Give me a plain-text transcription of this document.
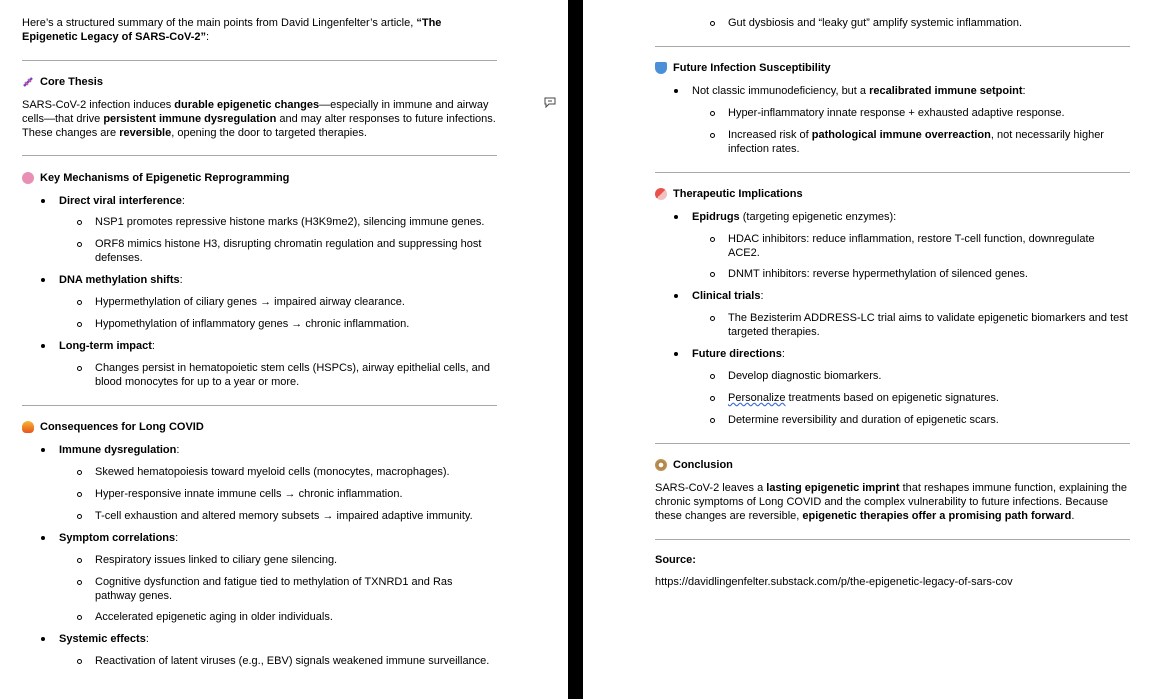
Here’s a structured summary of the main points from David Lingenfelter’s article, “The Epigenetic Legacy of SARS-CoV-2”:
Core Thesis
SARS-CoV-2 infection induces durable epigenetic changes—especially in immune and airway cells—that drive persistent immune dysregulation and may alter responses to future infections. These changes are reversible, opening the door to targeted therapies.
Key Mechanisms of Epigenetic Reprogramming
Direct viral interference:
NSP1 promotes repressive histone marks (H3K9me2), silencing immune genes.
ORF8 mimics histone H3, disrupting chromatin regulation and suppressing host defenses.
DNA methylation shifts:
Hypermethylation of ciliary genes → impaired airway clearance.
Hypomethylation of inflammatory genes → chronic inflammation.
Long-term impact:
Changes persist in hematopoietic stem cells (HSPCs), airway epithelial cells, and blood monocytes for up to a year or more.
Consequences for Long COVID
Immune dysregulation:
Skewed hematopoiesis toward myeloid cells (monocytes, macrophages).
Hyper-responsive innate immune cells → chronic inflammation.
T-cell exhaustion and altered memory subsets → impaired adaptive immunity.
Symptom correlations:
Respiratory issues linked to ciliary gene silencing.
Cognitive dysfunction and fatigue tied to methylation of TXNRD1 and Ras pathway genes.
Accelerated epigenetic aging in older individuals.
Systemic effects:
Reactivation of latent viruses (e.g., EBV) signals weakened immune surveillance.
Gut dysbiosis and “leaky gut” amplify systemic inflammation.
Future Infection Susceptibility
Not classic immunodeficiency, but a recalibrated immune setpoint:
Hyper-inflammatory innate response + exhausted adaptive response.
Increased risk of pathological immune overreaction, not necessarily higher infection rates.
Therapeutic Implications
Epidrugs (targeting epigenetic enzymes):
HDAC inhibitors: reduce inflammation, restore T-cell function, downregulate ACE2.
DNMT inhibitors: reverse hypermethylation of silenced genes.
Clinical trials:
The Bezisterim ADDRESS-LC trial aims to validate epigenetic biomarkers and test targeted therapies.
Future directions:
Develop diagnostic biomarkers.
Personalize treatments based on epigenetic signatures.
Determine reversibility and duration of epigenetic scars.
Conclusion
SARS-CoV-2 leaves a lasting epigenetic imprint that reshapes immune function, explaining the chronic symptoms of Long COVID and the complex vulnerability to future infections. Because these changes are reversible, epigenetic therapies offer a promising path forward.
Source:
https://davidlingenfelter.substack.com/p/the-epigenetic-legacy-of-sars-cov
